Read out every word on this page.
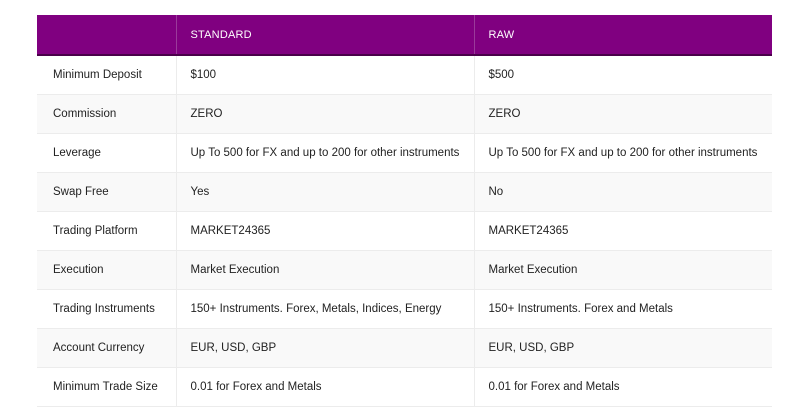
	STANDARD	RAW
Minimum Deposit	$100	$500
Commission	ZERO	ZERO
Leverage	Up To 500 for FX and up to 200 for other instruments	Up To 500 for FX and up to 200 for other instruments
Swap Free	Yes	No
Trading Platform	MARKET24365	MARKET24365
Execution	Market Execution	Market Execution
Trading Instruments	150+ Instruments. Forex, Metals, Indices, Energy	150+ Instruments. Forex and Metals
Account Currency	EUR, USD, GBP	EUR, USD, GBP
Minimum Trade Size	0.01 for Forex and Metals	0.01 for Forex and Metals
